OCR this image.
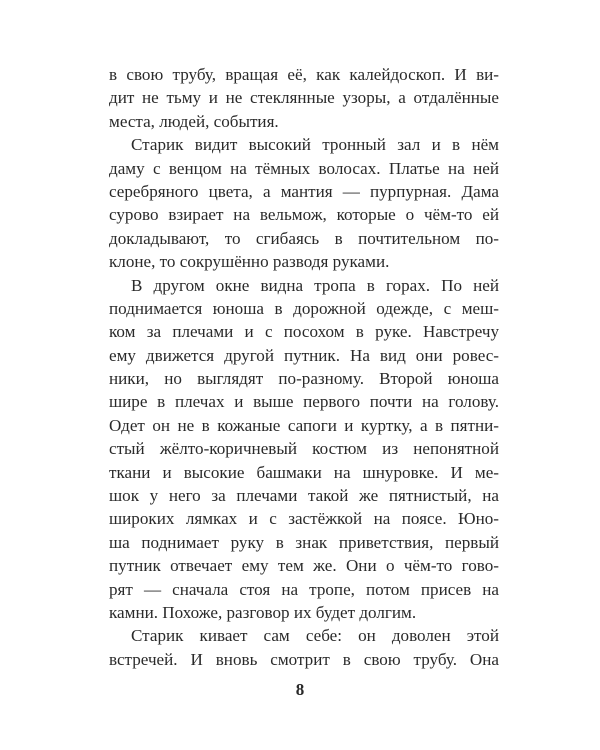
в свою трубу, вращая её, как калейдоскоп. И ви-
дит не тьму и не стеклянные узоры, а отдалённые
места, людей, события.
Старик видит высокий тронный зал и в нём
даму с венцом на тёмных волосах. Платье на ней
серебряного цвета, а мантия — пурпурная. Дама
сурово взирает на вельмож, которые о чём-то ей
докладывают, то сгибаясь в почтительном по-
клоне, то сокрушённо разводя руками.
В другом окне видна тропа в горах. По ней
поднимается юноша в дорожной одежде, с меш-
ком за плечами и с посохом в руке. Навстречу
ему движется другой путник. На вид они ровес-
ники, но выглядят по-разному. Второй юноша
шире в плечах и выше первого почти на голову.
Одет он не в кожаные сапоги и куртку, а в пятни-
стый жёлто-коричневый костюм из непонятной
ткани и высокие башмаки на шнуровке. И ме-
шок у него за плечами такой же пятнистый, на
широких лямках и с застёжкой на поясе. Юно-
ша поднимает руку в знак приветствия, первый
путник отвечает ему тем же. Они о чём-то гово-
рят — сначала стоя на тропе, потом присев на
камни. Похоже, разговор их будет долгим.
Старик кивает сам себе: он доволен этой
встречей. И вновь смотрит в свою трубу. Она
8
